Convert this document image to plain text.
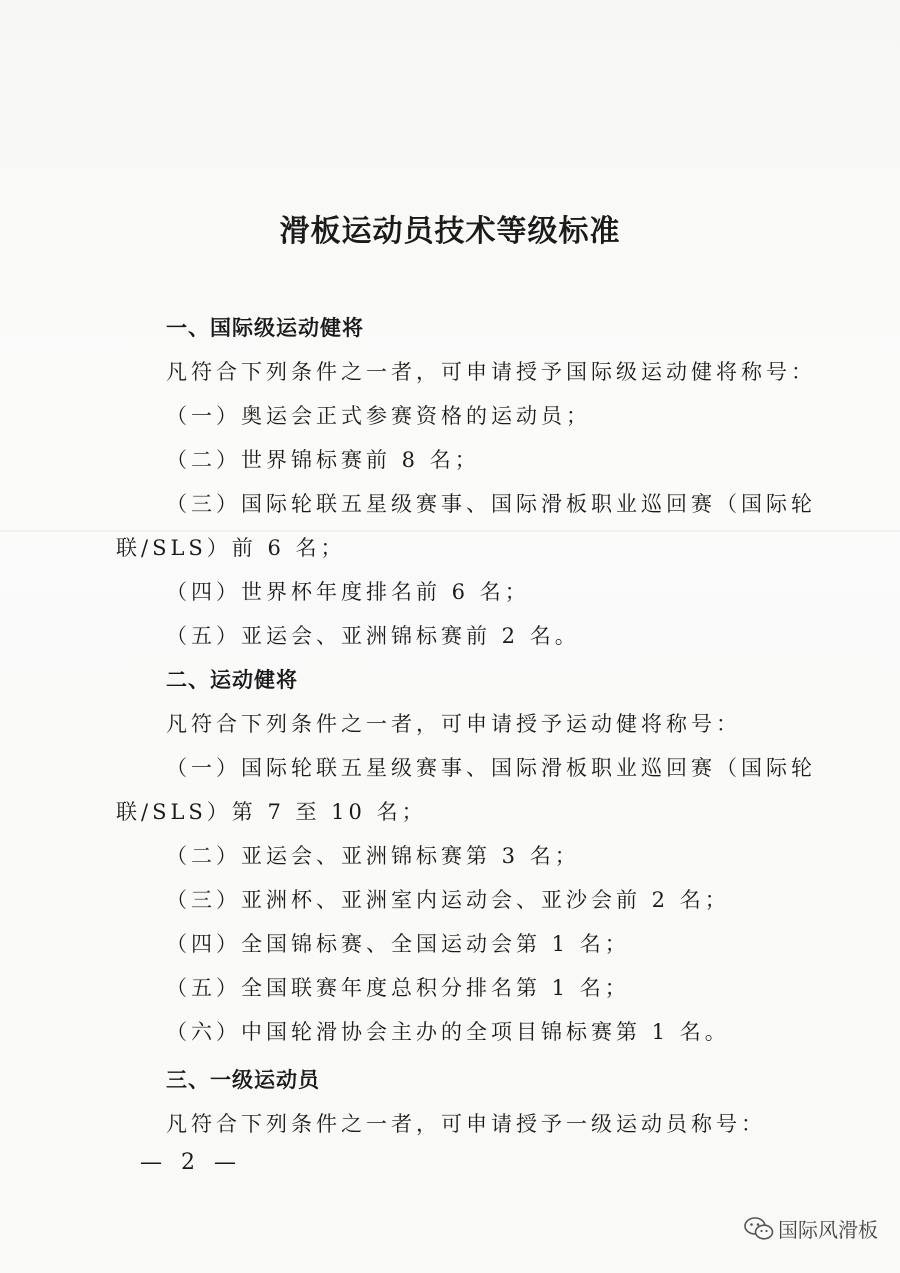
滑板运动员技术等级标准
一、国际级运动健将
凡符合下列条件之一者，可申请授予国际级运动健将称号：
（一）奥运会正式参赛资格的运动员；
（二）世界锦标赛前 8 名；
（三）国际轮联五星级赛事、国际滑板职业巡回赛（国际轮
联/SLS）前 6 名；
（四）世界杯年度排名前 6 名；
（五）亚运会、亚洲锦标赛前 2 名。
二、运动健将
凡符合下列条件之一者，可申请授予运动健将称号：
（一）国际轮联五星级赛事、国际滑板职业巡回赛（国际轮
联/SLS）第 7 至 10 名；
（二）亚运会、亚洲锦标赛第 3 名；
（三）亚洲杯、亚洲室内运动会、亚沙会前 2 名；
（四）全国锦标赛、全国运动会第 1 名；
（五）全国联赛年度总积分排名第 1 名；
（六）中国轮滑协会主办的全项目锦标赛第 1 名。
三、一级运动员
凡符合下列条件之一者，可申请授予一级运动员称号：
— 2 —
国际风滑板
